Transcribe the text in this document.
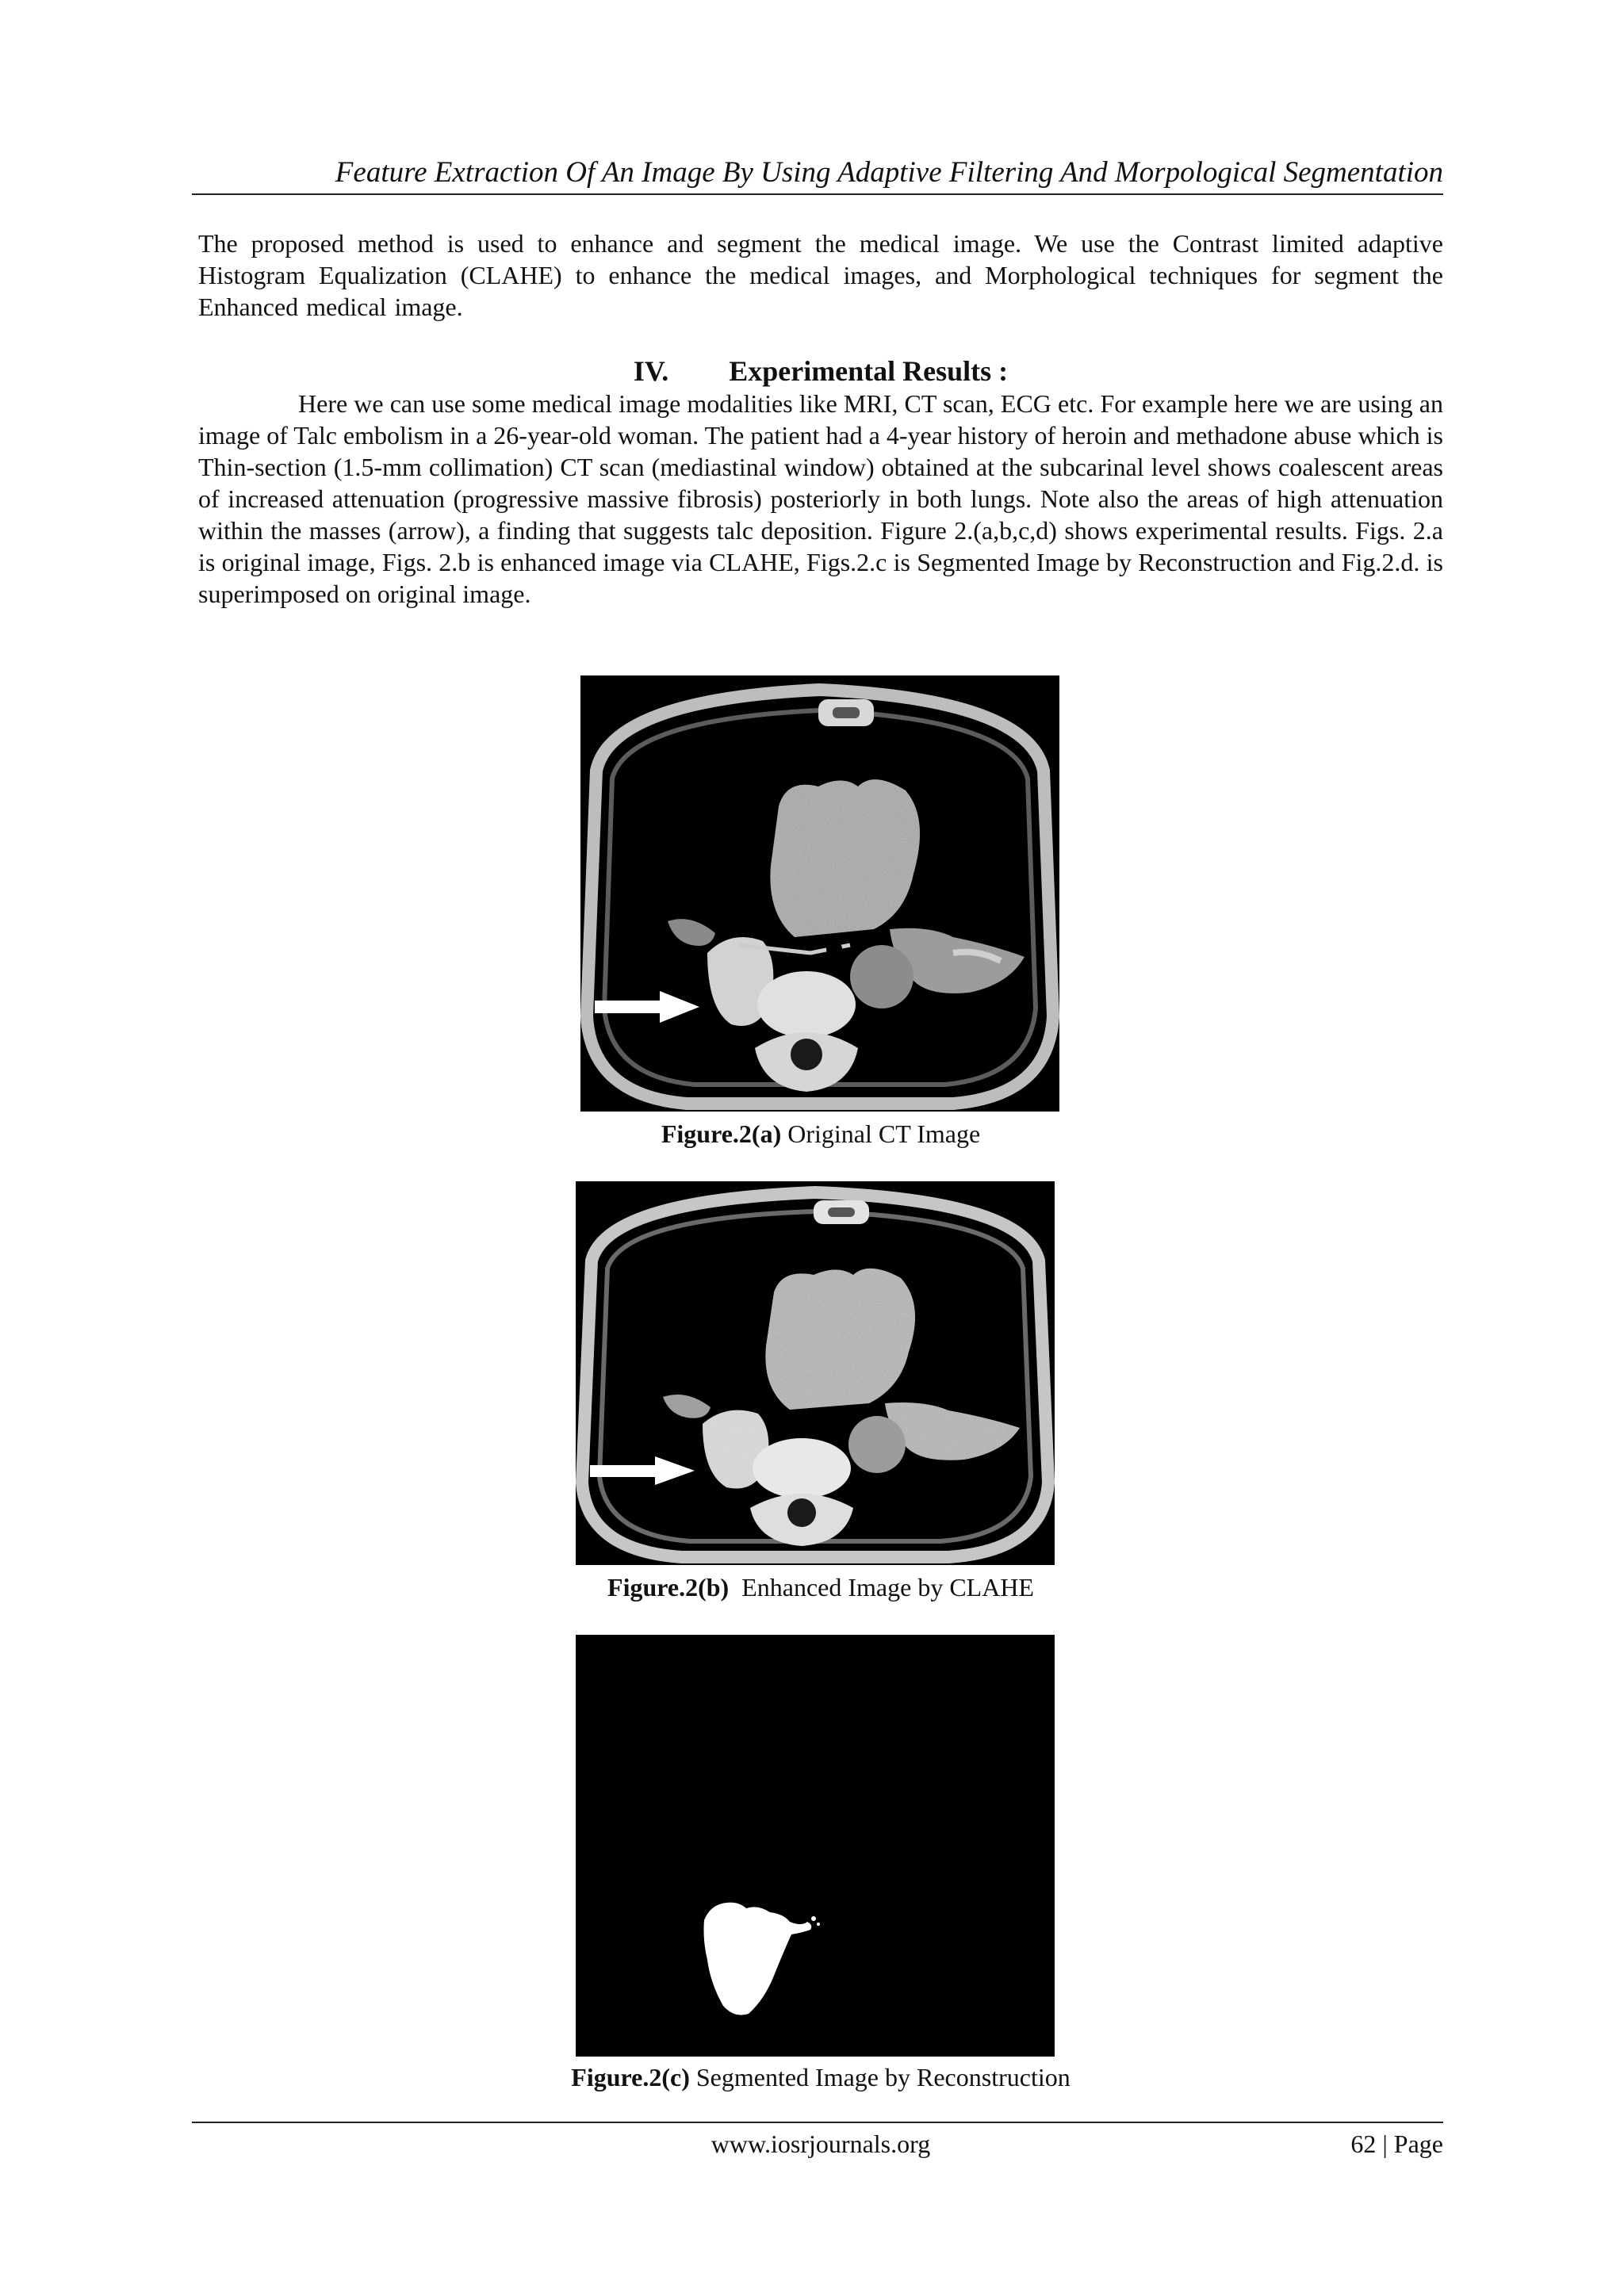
Feature Extraction Of An Image By Using Adaptive Filtering And Morpological Segmentation
The proposed method is used to enhance and segment the medical image. We use the Contrast limited adaptive Histogram Equalization (CLAHE) to enhance the medical images, and Morphological techniques for segment the Enhanced medical image.
IV. Experimental Results :
Here we can use some medical image modalities like MRI, CT scan, ECG etc. For example here we are using an image of Talc embolism in a 26-year-old woman. The patient had a 4-year history of heroin and methadone abuse which is Thin-section (1.5-mm collimation) CT scan (mediastinal window) obtained at the subcarinal level shows coalescent areas of increased attenuation (progressive massive fibrosis) posteriorly in both lungs. Note also the areas of high attenuation within the masses (arrow), a finding that suggests talc deposition. Figure 2.(a,b,c,d) shows experimental results. Figs. 2.a is original image, Figs. 2.b is enhanced image via CLAHE, Figs.2.c is Segmented Image by Reconstruction and Fig.2.d. is superimposed on original image.
Figure.2(a) Original CT Image
Figure.2(b) Enhanced Image by CLAHE
Figure.2(c) Segmented Image by Reconstruction
www.iosrjournals.org	62 | Page
